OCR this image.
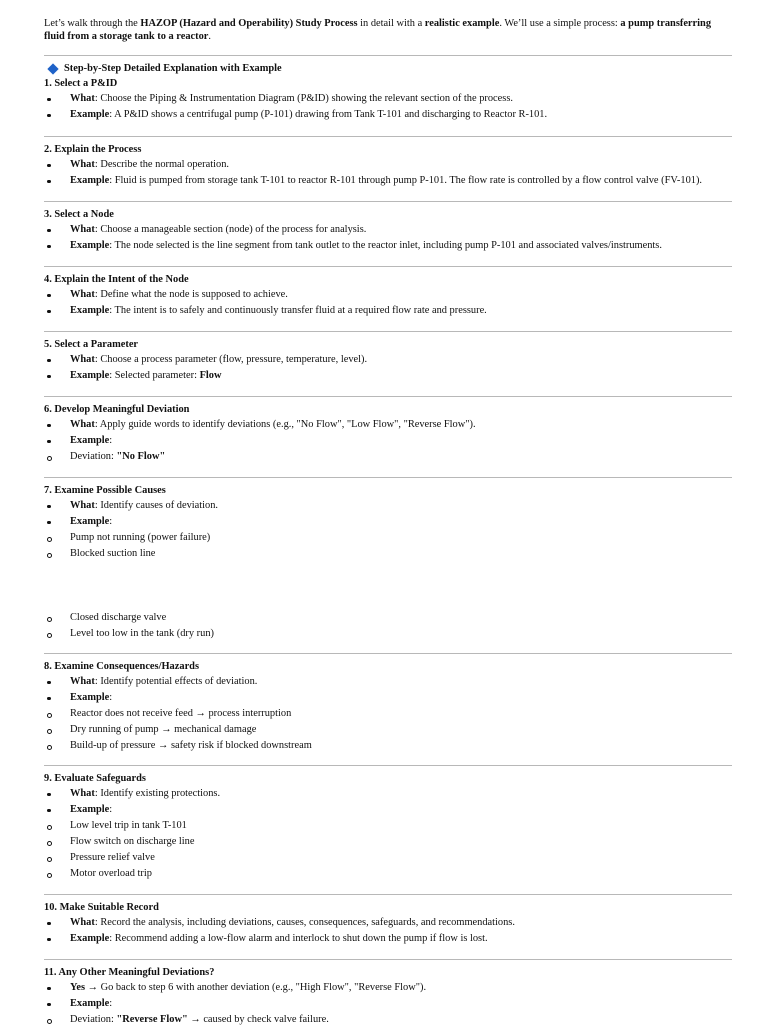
Let’s walk through the HAZOP (Hazard and Operability) Study Process in detail with a realistic example. We’ll use a simple process: a pump transferring fluid from a storage tank to a reactor.

Step-by-Step Detailed Explanation with Example
1. Select a P&ID
What: Choose the Piping & Instrumentation Diagram (P&ID) showing the relevant section of the process.
Example: A P&ID shows a centrifugal pump (P-101) drawing from Tank T-101 and discharging to Reactor R-101.
2. Explain the Process
What: Describe the normal operation.
Example: Fluid is pumped from storage tank T-101 to reactor R-101 through pump P-101. The flow rate is controlled by a flow control valve (FV-101).
3. Select a Node
What: Choose a manageable section (node) of the process for analysis.
Example: The node selected is the line segment from tank outlet to the reactor inlet, including pump P-101 and associated valves/instruments.
4. Explain the Intent of the Node
What: Define what the node is supposed to achieve.
Example: The intent is to safely and continuously transfer fluid at a required flow rate and pressure.
5. Select a Parameter
What: Choose a process parameter (flow, pressure, temperature, level).
Example: Selected parameter: Flow
6. Develop Meaningful Deviation
What: Apply guide words to identify deviations (e.g., "No Flow", "Low Flow", "Reverse Flow").
Example:
Deviation: "No Flow"
7. Examine Possible Causes
What: Identify causes of deviation.
Example:
Pump not running (power failure)
Blocked suction line
Closed discharge valve
Level too low in the tank (dry run)
8. Examine Consequences/Hazards
What: Identify potential effects of deviation.
Example:
Reactor does not receive feed → process interruption
Dry running of pump → mechanical damage
Build-up of pressure → safety risk if blocked downstream
9. Evaluate Safeguards
What: Identify existing protections.
Example:
Low level trip in tank T-101
Flow switch on discharge line
Pressure relief valve
Motor overload trip
10. Make Suitable Record
What: Record the analysis, including deviations, causes, consequences, safeguards, and recommendations.
Example: Recommend adding a low-flow alarm and interlock to shut down the pump if flow is lost.
11. Any Other Meaningful Deviations?
Yes → Go back to step 6 with another deviation (e.g., "High Flow", "Reverse Flow").
Example:
Deviation: "Reverse Flow" → caused by check valve failure.
